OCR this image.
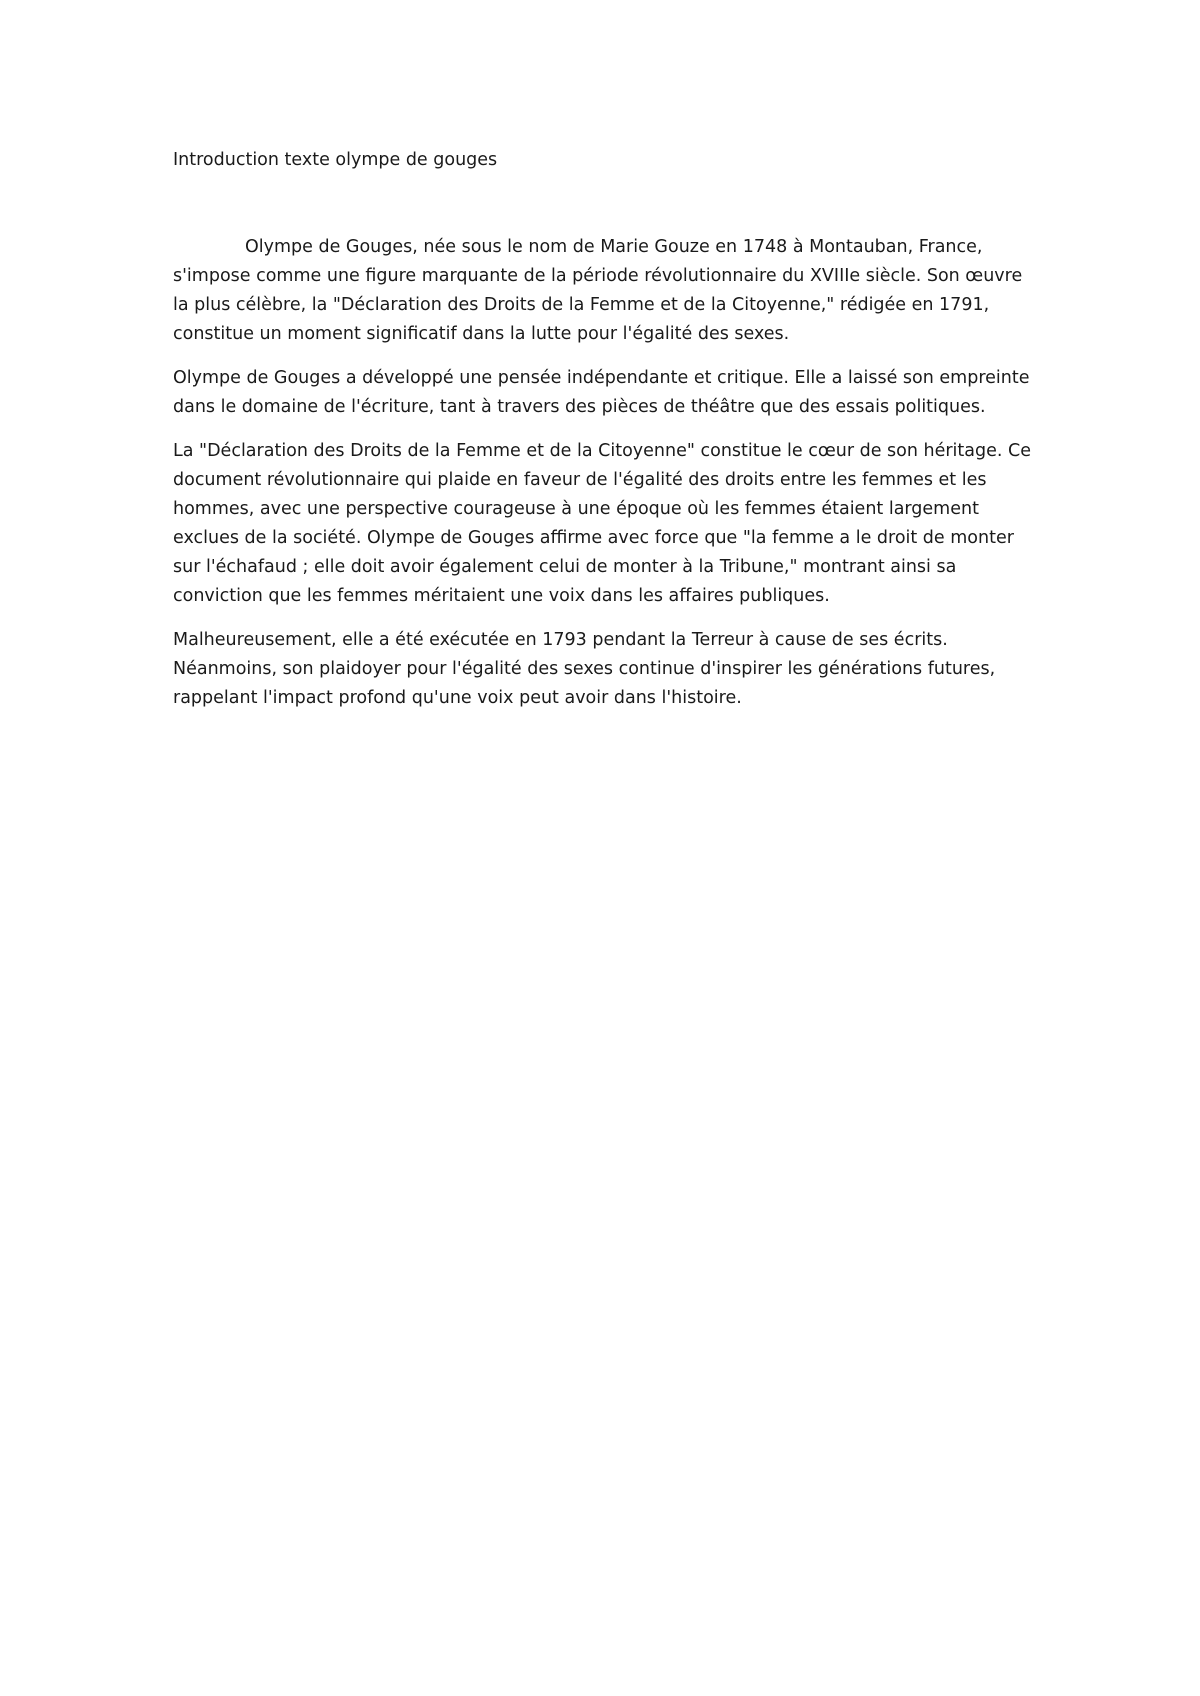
Introduction texte olympe de gouges

Olympe de Gouges, née sous le nom de Marie Gouze en 1748 à Montauban, France, s'impose comme une figure marquante de la période révolutionnaire du XVIIIe siècle. Son œuvre la plus célèbre, la "Déclaration des Droits de la Femme et de la Citoyenne," rédigée en 1791, constitue un moment significatif dans la lutte pour l'égalité des sexes.

Olympe de Gouges a développé une pensée indépendante et critique. Elle a laissé son empreinte dans le domaine de l'écriture, tant à travers des pièces de théâtre que des essais politiques.

La "Déclaration des Droits de la Femme et de la Citoyenne" constitue le cœur de son héritage. Ce document révolutionnaire qui plaide en faveur de l'égalité des droits entre les femmes et les hommes, avec une perspective courageuse à une époque où les femmes étaient largement exclues de la société. Olympe de Gouges affirme avec force que "la femme a le droit de monter sur l'échafaud ; elle doit avoir également celui de monter à la Tribune," montrant ainsi sa conviction que les femmes méritaient une voix dans les affaires publiques.

Malheureusement, elle a été exécutée en 1793 pendant la Terreur à cause de ses écrits. Néanmoins, son plaidoyer pour l'égalité des sexes continue d'inspirer les générations futures, rappelant l'impact profond qu'une voix peut avoir dans l'histoire.
